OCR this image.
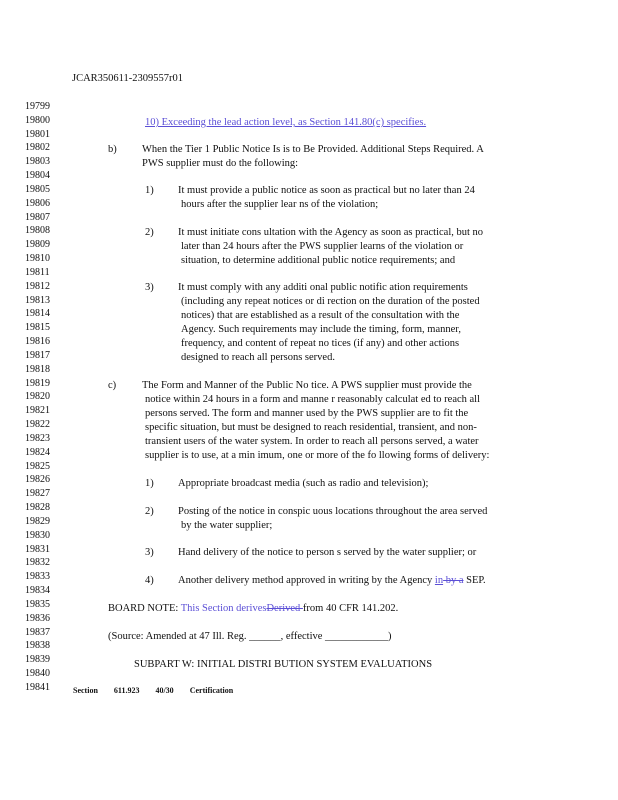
JCAR350611-2309557r01
19799
19800
19801
19802
19803
19804
19805
19806
19807
19808
19809
19810
19811
19812
19813
19814
19815
19816
19817
19818
19819
19820
19821
19822
19823
19824
19825
19826
19827
19828
19829
19830
19831
19832
19833
19834
19835
19836
19837
19838
19839
19840
19841
10) Exceeding the lead action level, as Section 141.80(c) specifies.
b) When the Tier 1 Public Notice Is is to Be Provided. Additional Steps Required. A
PWS supplier must do the following:
1) It must provide a public notice as soon as practical but no later than 24
hours after the supplier lear ns of the violation;
2) It must initiate cons ultation with the Agency as soon as practical, but no
later than 24 hours after the PWS supplier learns of the violation or
situation, to determine additional public notice requirements; and
3) It must comply with any additi onal public notific ation requirements
(including any repeat notices or di rection on the duration of the posted
notices) that are established as a result of the consultation with the
Agency. Such requirements may include the timing, form, manner,
frequency, and content of repeat no tices (if any) and other actions
designed to reach all persons served.
c) The Form and Manner of the Public No tice. A PWS supplier must provide the
notice within 24 hours in a form and manne r reasonably calculat ed to reach all
persons served. The form and manner used by the PWS supplier are to fit the
specific situation, but must be designed to reach residential, transient, and non-
transient users of the water system. In order to reach all persons served, a water
supplier is to use, at a min imum, one or more of the fo llowing forms of delivery:
1) Appropriate broadcast media (such as radio and television);
2) Posting of the notice in conspic uous locations throughout the area served
by the water supplier;
3) Hand delivery of the notice to person s served by the water supplier; or
4) Another delivery method approved in writing by the Agency in by a SEP.
BOARD NOTE: This Section derivesDerived from 40 CFR 141.202.
(Source: Amended at 47 Ill. Reg. ______, effective ____________)
SUBPART W: INITIAL DISTRI BUTION SYSTEM EVALUATIONS
Section 611.923 40/30 Certification
